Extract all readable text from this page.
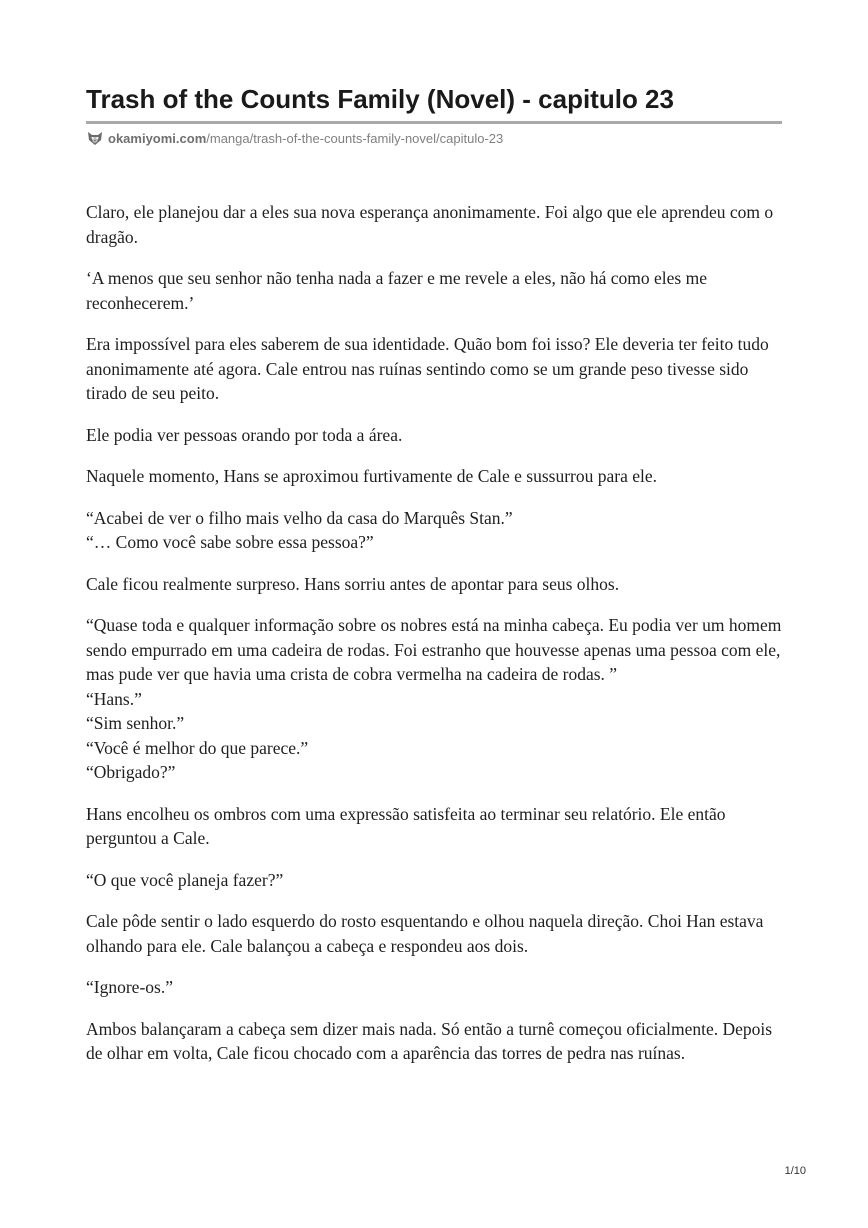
Trash of the Counts Family (Novel) - capitulo 23
okamiyomi.com /manga/trash-of-the-counts-family-novel/capitulo-23

Claro, ele planejou dar a eles sua nova esperança anonimamente. Foi algo que ele aprendeu com o dragão.

‘A menos que seu senhor não tenha nada a fazer e me revele a eles, não há como eles me reconhecerem.’

Era impossível para eles saberem de sua identidade. Quão bom foi isso? Ele deveria ter feito tudo anonimamente até agora. Cale entrou nas ruínas sentindo como se um grande peso tivesse sido tirado de seu peito.

Ele podia ver pessoas orando por toda a área.

Naquele momento, Hans se aproximou furtivamente de Cale e sussurrou para ele.

“Acabei de ver o filho mais velho da casa do Marquês Stan.”
“… Como você sabe sobre essa pessoa?”

Cale ficou realmente surpreso. Hans sorriu antes de apontar para seus olhos.

“Quase toda e qualquer informação sobre os nobres está na minha cabeça. Eu podia ver um homem sendo empurrado em uma cadeira de rodas. Foi estranho que houvesse apenas uma pessoa com ele, mas pude ver que havia uma crista de cobra vermelha na cadeira de rodas. ”
“Hans.”
“Sim senhor.”
“Você é melhor do que parece.”
“Obrigado?”

Hans encolheu os ombros com uma expressão satisfeita ao terminar seu relatório. Ele então perguntou a Cale.

“O que você planeja fazer?”

Cale pôde sentir o lado esquerdo do rosto esquentando e olhou naquela direção. Choi Han estava olhando para ele. Cale balançou a cabeça e respondeu aos dois.

“Ignore-os.”

Ambos balançaram a cabeça sem dizer mais nada. Só então a turnê começou oficialmente. Depois de olhar em volta, Cale ficou chocado com a aparência das torres de pedra nas ruínas.

1/10
